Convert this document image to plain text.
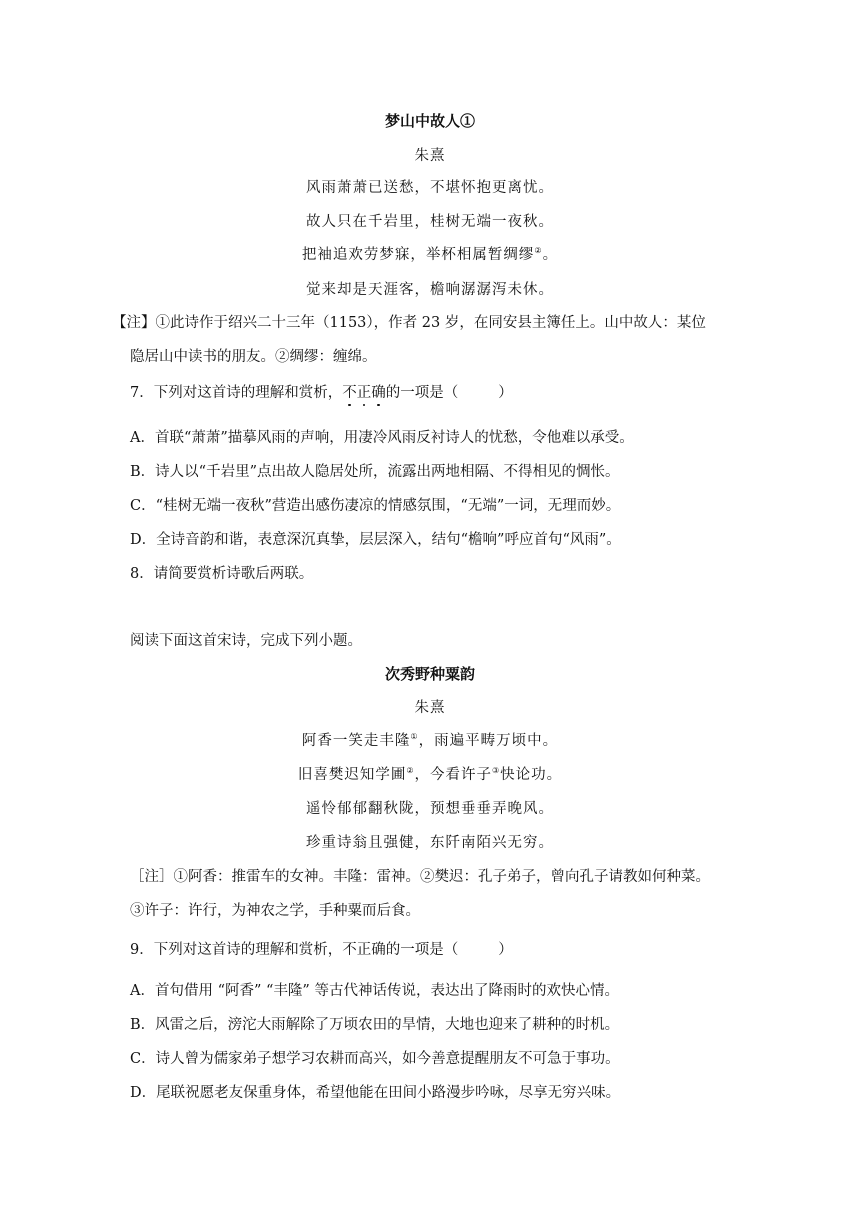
梦山中故人①
朱熹
风雨萧萧已送愁，不堪怀抱更离忧。
故人只在千岩里，桂树无端一夜秋。
把袖追欢劳梦寐，举杯相属暂绸缪②。
觉来却是天涯客，檐响潺潺泻未休。
【注】①此诗作于绍兴二十三年（1153），作者 23 岁，在同安县主簿任上。山中故人：某位
隐居山中读书的朋友。②绸缪：缠绵。
7．下列对这首诗的理解和赏析，不正确的一项是（	）
A．首联“萧萧”描摹风雨的声响，用凄冷风雨反衬诗人的忧愁，令他难以承受。
B．诗人以“千岩里”点出故人隐居处所，流露出两地相隔、不得相见的惆怅。
C．“桂树无端一夜秋”营造出感伤凄凉的情感氛围，“无端”一词，无理而妙。
D．全诗音韵和谐，表意深沉真挚，层层深入，结句“檐响”呼应首句“风雨”。
8．请简要赏析诗歌后两联。
阅读下面这首宋诗，完成下列小题。
次秀野种粟韵
朱熹
阿香一笑走丰隆①，雨遍平畴万顷中。
旧喜樊迟知学圃②，今看许子③快论功。
遥怜郁郁翻秋陇，预想垂垂弄晚风。
珍重诗翁且强健，东阡南陌兴无穷。
［注］①阿香：推雷车的女神。丰隆：雷神。②樊迟：孔子弟子，曾向孔子请教如何种菜。
③许子：许行，为神农之学，手种粟而后食。
9．下列对这首诗的理解和赏析，不正确的一项是（	）
A．首句借用 “阿香” “丰隆” 等古代神话传说，表达出了降雨时的欢快心情。
B．风雷之后，滂沱大雨解除了万顷农田的旱情，大地也迎来了耕种的时机。
C．诗人曾为儒家弟子想学习农耕而高兴，如今善意提醒朋友不可急于事功。
D．尾联祝愿老友保重身体，希望他能在田间小路漫步吟咏，尽享无穷兴味。
